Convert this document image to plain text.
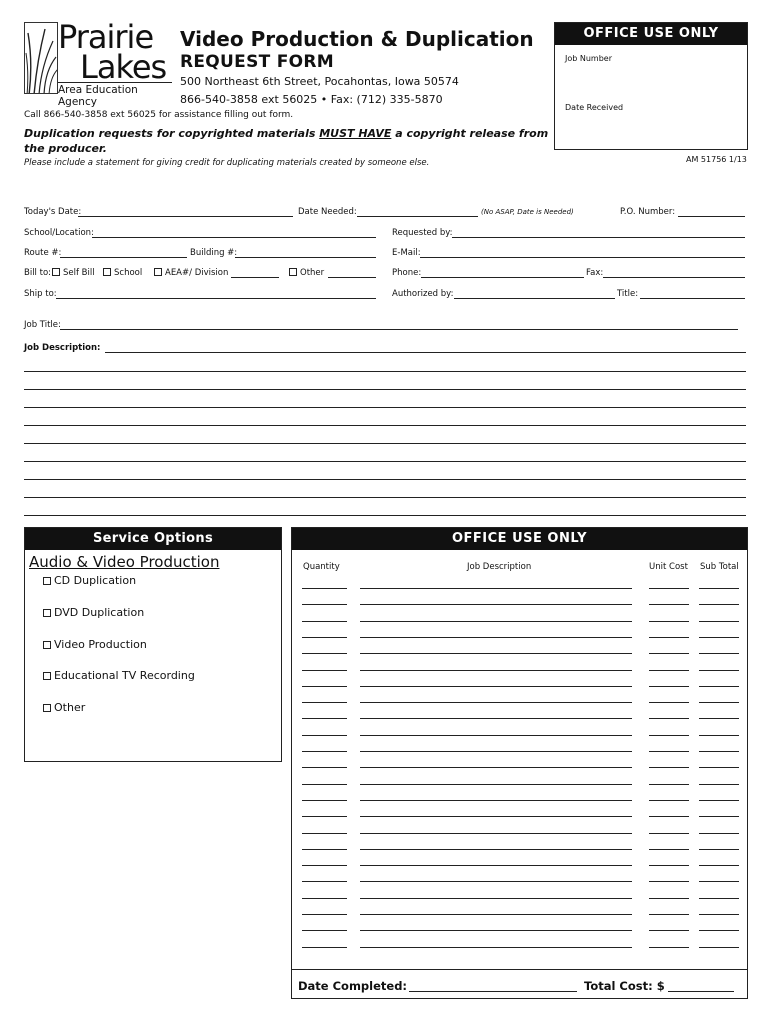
Prairie
Lakes
Area Education Agency
Video Production & Duplication
REQUEST FORM
500 Northeast 6th Street, Pocahontas, Iowa 50574
866-540-3858 ext 56025 • Fax: (712) 335-5870
Call 866-540-3858 ext 56025 for assistance filling out form.
Duplication requests for copyrighted materials MUST HAVE a copyright release from the producer.
Please include a statement for giving credit for duplicating materials created by someone else.
OFFICE USE ONLY
Job Number
Date Received
AM 51756 1/13
Today's Date:	Date Needed:	(No ASAP, Date is Needed)	P.O. Number:
School/Location:	Requested by:
Route #:	Building #:	E-Mail:
Bill to:	Self Bill	School	AEA#/ Division	Other	Phone:	Fax:
Ship to:	Authorized by:	Title:
Job Title:
Job Description:
Service Options
Audio & Video Production
CD Duplication
DVD Duplication
Video Production
Educational TV Recording
Other
OFFICE USE ONLY
Quantity	Job Description	Unit Cost Sub Total
Date Completed:	Total Cost: $
